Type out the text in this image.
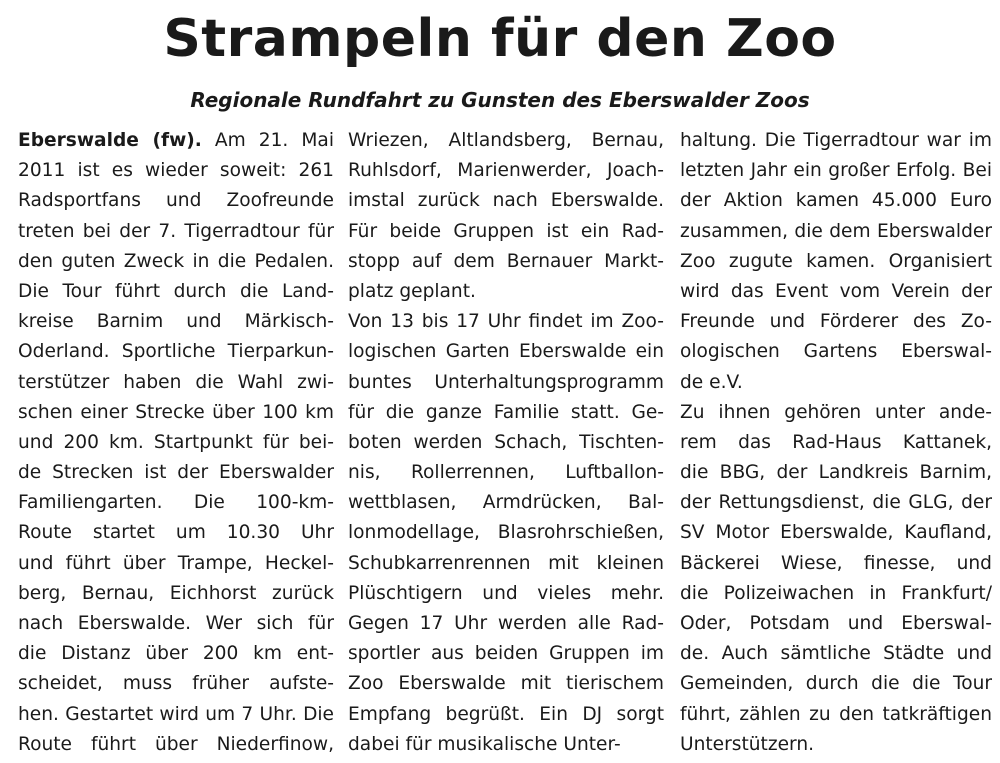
Strampeln für den Zoo
Regionale Rundfahrt zu Gunsten des Eberswalder Zoos
Eberswalde (fw). Am 21. Mai
2011 ist es wieder soweit: 261
Radsportfans und Zoofreunde
treten bei der 7. Tigerradtour für
den guten Zweck in die Pedalen.
Die Tour führt durch die Land-
kreise Barnim und Märkisch-
Oderland. Sportliche Tierparkun-
terstützer haben die Wahl zwi-
schen einer Strecke über 100 km
und 200 km. Startpunkt für bei-
de Strecken ist der Eberswalder
Familiengarten. Die 100-km-
Route startet um 10.30 Uhr
und führt über Trampe, Heckel-
berg, Bernau, Eichhorst zurück
nach Eberswalde. Wer sich für
die Distanz über 200 km ent-
scheidet, muss früher aufste-
hen. Gestartet wird um 7 Uhr. Die
Route führt über Niederfinow,
Wriezen, Altlandsberg, Bernau,
Ruhlsdorf, Marienwerder, Joach-
imstal zurück nach Eberswalde.
Für beide Gruppen ist ein Rad-
stopp auf dem Bernauer Markt-
platz geplant.
Von 13 bis 17 Uhr findet im Zoo-
logischen Garten Eberswalde ein
buntes Unterhaltungsprogramm
für die ganze Familie statt. Ge-
boten werden Schach, Tischten-
nis, Rollerrennen, Luftballon-
wettblasen, Armdrücken, Bal-
lonmodellage, Blasrohrschießen,
Schubkarrenrennen mit kleinen
Plüschtigern und vieles mehr.
Gegen 17 Uhr werden alle Rad-
sportler aus beiden Gruppen im
Zoo Eberswalde mit tierischem
Empfang begrüßt. Ein DJ sorgt
dabei für musikalische Unter-
haltung. Die Tigerradtour war im
letzten Jahr ein großer Erfolg. Bei
der Aktion kamen 45.000 Euro
zusammen, die dem Eberswalder
Zoo zugute kamen. Organisiert
wird das Event vom Verein der
Freunde und Förderer des Zo-
ologischen Gartens Eberswal-
de e.V.
Zu ihnen gehören unter ande-
rem das Rad-Haus Kattanek,
die BBG, der Landkreis Barnim,
der Rettungsdienst, die GLG, der
SV Motor Eberswalde, Kaufland,
Bäckerei Wiese, finesse, und
die Polizeiwachen in Frankfurt/
Oder, Potsdam und Eberswal-
de. Auch sämtliche Städte und
Gemeinden, durch die die Tour
führt, zählen zu den tatkräftigen
Unterstützern.
